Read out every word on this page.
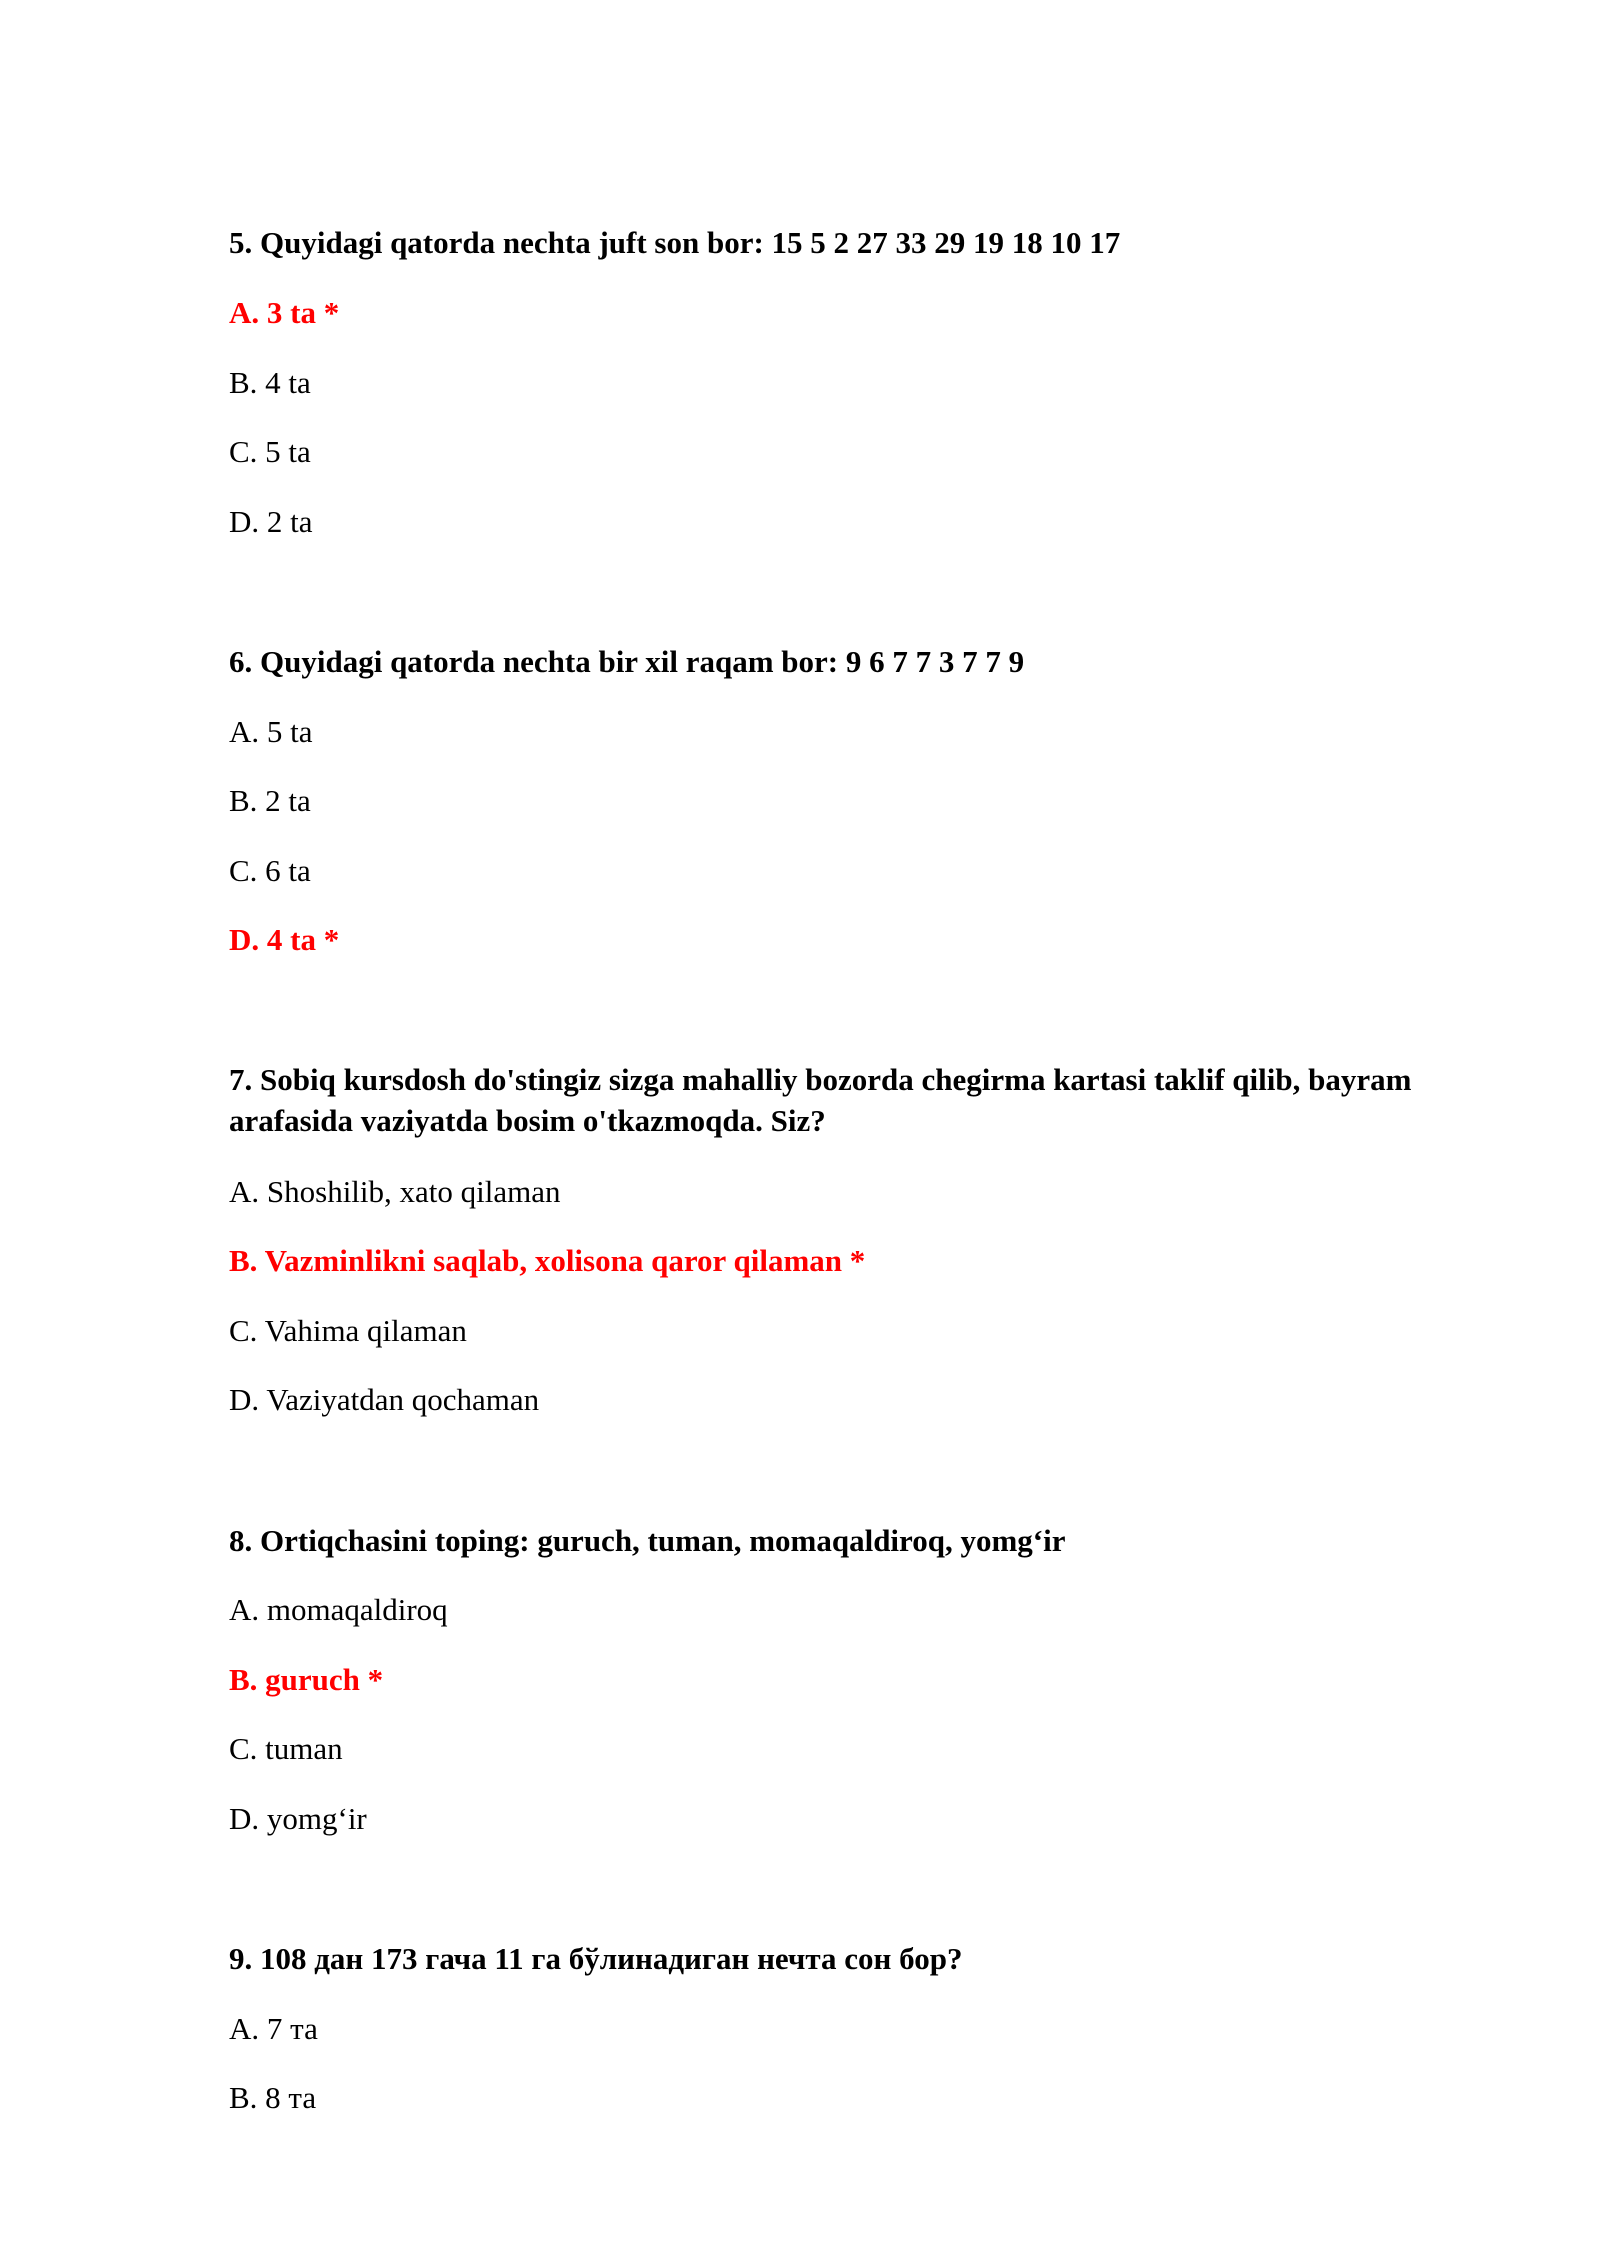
5. Quyidagi qatorda nechta juft son bor: 15 5 2 27 33 29 19 18 10 17

A. 3 ta *

B. 4 ta

C. 5 ta

D. 2 ta

6. Quyidagi qatorda nechta bir xil raqam bor: 9 6 7 7 3 7 7 9

A. 5 ta

B. 2 ta

C. 6 ta

D. 4 ta *

7. Sobiq kursdosh do'stingiz sizga mahalliy bozorda chegirma kartasi taklif qilib, bayram arafasida vaziyatda bosim o'tkazmoqda. Siz?

A. Shoshilib, xato qilaman

B. Vazminlikni saqlab, xolisona qaror qilaman *

C. Vahima qilaman

D. Vaziyatdan qochaman

8. Ortiqchasini toping: guruch, tuman, momaqaldiroq, yomg‘ir

A. momaqaldiroq

B. guruch *

C. tuman

D. yomg‘ir

9. 108 дан 173 гача 11 га бўлинадиган нечта сон бор?

A. 7 та

B. 8 та
